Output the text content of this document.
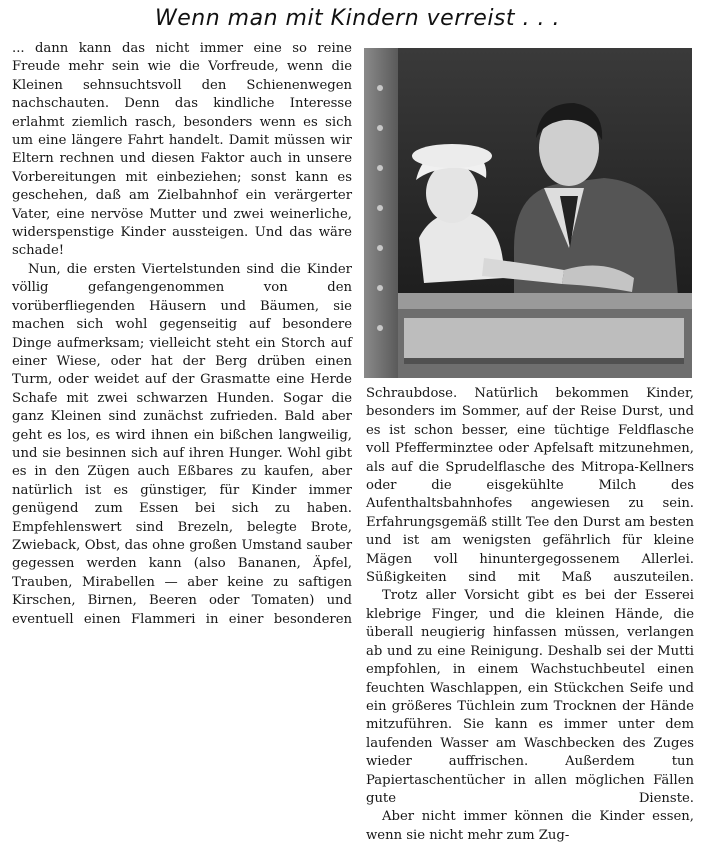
Wenn man mit Kindern verreist . . .

... dann kann das nicht immer eine so reine Freude mehr sein wie die Vorfreude, wenn die Kleinen sehnsuchtsvoll den Schienenwegen nachschauten. Denn das kindliche Interesse erlahmt ziemlich rasch, besonders wenn es sich um eine längere Fahrt handelt. Damit müssen wir Eltern rechnen und diesen Faktor auch in unsere Vorbereitungen mit einbeziehen; sonst kann es geschehen, daß am Zielbahnhof ein verärgerter Vater, eine nervöse Mutter und zwei weinerliche, widerspenstige Kinder aussteigen. Und das wäre schade!

Nun, die ersten Viertelstunden sind die Kinder völlig gefangengenommen von den vorüberfliegenden Häusern und Bäumen, sie machen sich wohl gegenseitig auf besondere Dinge aufmerksam; vielleicht steht ein Storch auf einer Wiese, oder hat der Berg drüben einen Turm, oder weidet auf der Grasmatte eine Herde Schafe mit zwei schwarzen Hunden. Sogar die ganz Kleinen sind zunächst zufrieden. Bald aber geht es los, es wird ihnen ein bißchen langweilig, und sie besinnen sich auf ihren Hunger. Wohl gibt es in den Zügen auch Eßbares zu kaufen, aber natürlich ist es günstiger, für Kinder immer genügend zum Essen bei sich zu haben. Empfehlenswert sind Brezeln, belegte Brote, Zwieback, Obst, das ohne großen Umstand sauber gegessen werden kann (also Bananen, Äpfel, Trauben, Mirabellen — aber keine zu saftigen Kirschen, Birnen, Beeren oder Tomaten) und eventuell einen Flammeri in einer besonderen

Schraubdose. Natürlich bekommen Kinder, besonders im Sommer, auf der Reise Durst, und es ist schon besser, eine tüchtige Feldflasche voll Pfefferminztee oder Apfelsaft mitzunehmen, als auf die Sprudelflasche des Mitropa-Kellners oder die eisgekühlte Milch des Aufenthaltsbahnhofes angewiesen zu sein. Erfahrungsgemäß stillt Tee den Durst am besten und ist am wenigsten gefährlich für kleine Mägen voll hinuntergegossenem Allerlei. Süßigkeiten sind mit Maß auszuteilen.

Trotz aller Vorsicht gibt es bei der Esserei klebrige Finger, und die kleinen Hände, die überall neugierig hinfassen müssen, verlangen ab und zu eine Reinigung. Deshalb sei der Mutti empfohlen, in einem Wachstuchbeutel einen feuchten Waschlappen, ein Stückchen Seife und ein größeres Tüchlein zum Trocknen der Hände mitzuführen. Sie kann es immer unter dem laufenden Wasser am Waschbecken des Zuges wieder auffrischen. Außerdem tun Papiertaschentücher in allen möglichen Fällen gute Dienste.

Aber nicht immer können die Kinder essen, wenn sie nicht mehr zum Zug-
